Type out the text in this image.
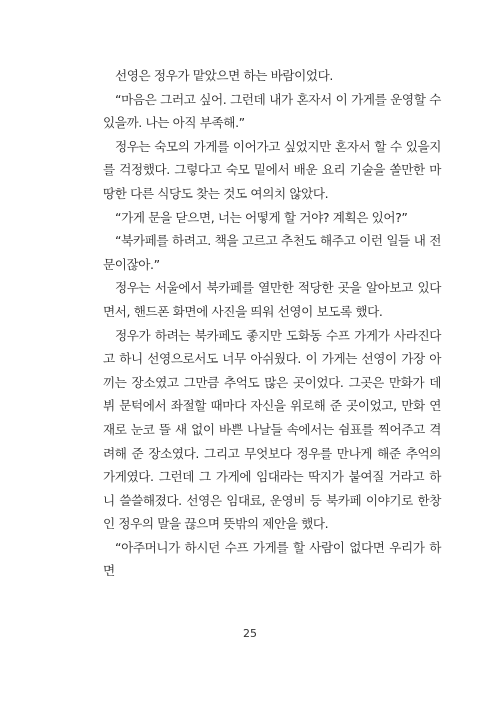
선영은 정우가 맡았으면 하는 바람이었다.

“마음은 그러고 싶어. 그런데 내가 혼자서 이 가게를 운영할 수 있을까. 나는 아직 부족해.”

정우는 숙모의 가게를 이어가고 싶었지만 혼자서 할 수 있을지를 걱정했다. 그렇다고 숙모 밑에서 배운 요리 기술을 쏠만한 마땅한 다른 식당도 찾는 것도 여의치 않았다.

“가게 문을 닫으면, 너는 어떻게 할 거야? 계획은 있어?”

“북카페를 하려고. 책을 고르고 추천도 해주고 이런 일들 내 전문이잖아.”

정우는 서울에서 북카페를 열만한 적당한 곳을 알아보고 있다면서, 핸드폰 화면에 사진을 띄워 선영이 보도록 했다.

정우가 하려는 북카페도 좋지만 도화동 수프 가게가 사라진다고 하니 선영으로서도 너무 아쉬웠다. 이 가게는 선영이 가장 아끼는 장소였고 그만큼 추억도 많은 곳이었다. 그곳은 만화가 데뷔 문턱에서 좌절할 때마다 자신을 위로해 준 곳이었고, 만화 연재로 눈코 뜰 새 없이 바쁜 나날들 속에서는 쉼표를 찍어주고 격려해 준 장소였다. 그리고 무엇보다 정우를 만나게 해준 추억의 가게였다. 그런데 그 가게에 임대라는 딱지가 붙여질 거라고 하니 쓸쓸해졌다. 선영은 임대료, 운영비 등 북카페 이야기로 한창인 정우의 말을 끊으며 뜻밖의 제안을 했다.

“아주머니가 하시던 수프 가게를 할 사람이 없다면 우리가 하면

25
